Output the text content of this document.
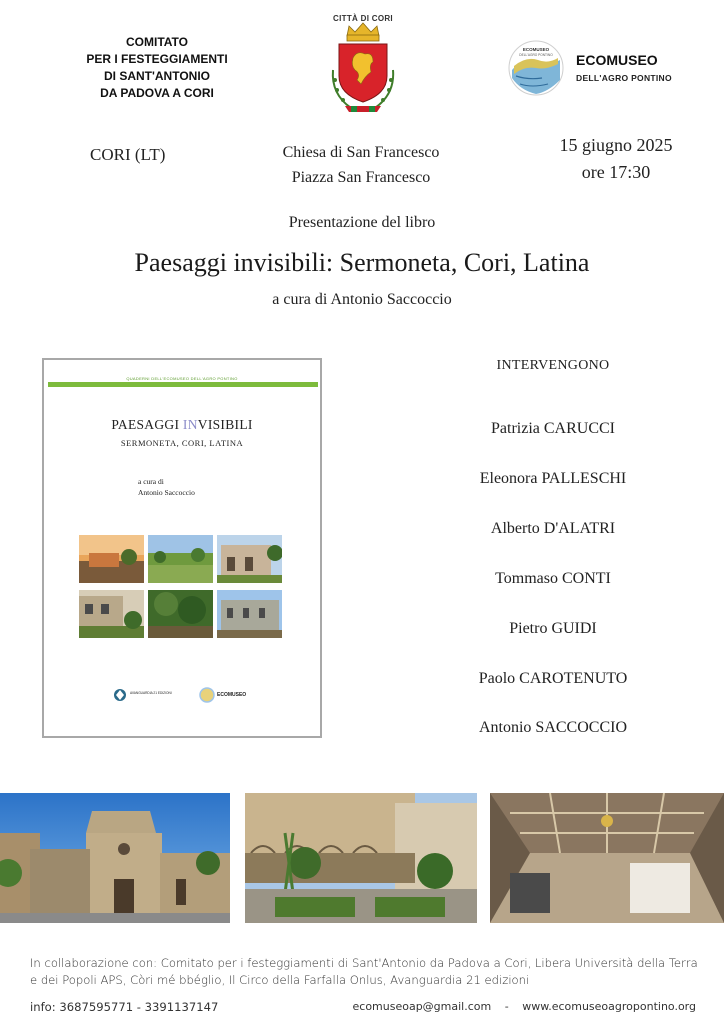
COMITATO
PER I FESTEGGIAMENTI
DI SANT'ANTONIO
DA PADOVA A CORI
CITTÀ DI CORI
ECOMUSEO
DELL'AGRO PONTINO ECOMUSEO
DELL'AGRO PONTINO
CORI (LT)	Chiesa di San Francesco
Piazza San Francesco
15 giugno 2025
ore 17:30
Presentazione del libro
Paesaggi invisibili: Sermoneta, Cori, Latina
a cura di Antonio Saccoccio
QUADERNI DELL'ECOMUSEO DELL'AGRO PONTINO
PAESAGGI INVISIBILI
SERMONETA, CORI, LATINA
a cura di
Antonio Saccoccio
AVANGUARDIA 21 EDIZIONI	ECOMUSEO
INTERVENGONO
Patrizia CARUCCI
Eleonora PALLESCHI
Alberto D'ALATRI
Tommaso CONTI
Pietro GUIDI
Paolo CAROTENUTO
Antonio SACCOCCIO
In collaborazione con: Comitato per i festeggiamenti di Sant'Antonio da Padova a Cori, Libera Università della Terra
e dei Popoli APS, Còri mé bbéglio, Il Circo della Farfalla Onlus, Avanguardia 21 edizioni
info: 3687595771 - 3391137147	ecomuseoap@gmail.com - www.ecomuseoagropontino.org
